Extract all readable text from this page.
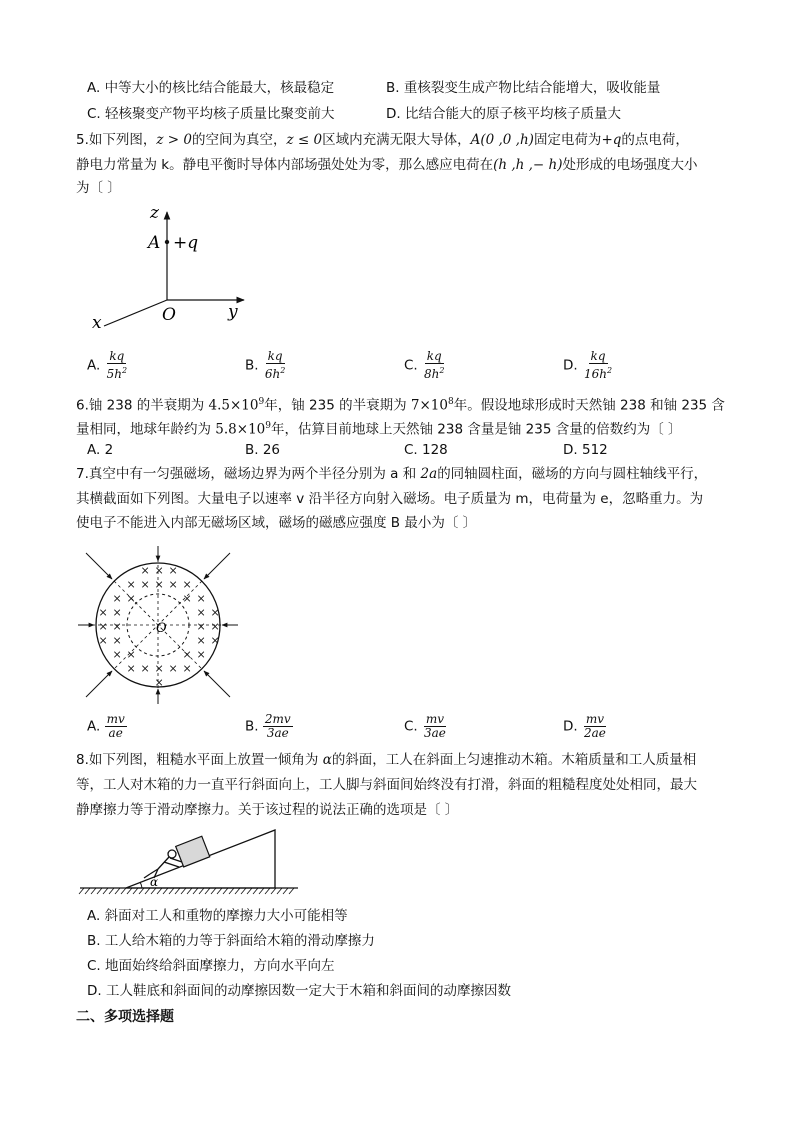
A. 中等大小的核比结合能最大，核最稳定	B. 重核裂变生成产物比结合能增大，吸收能量
C. 轻核聚变产物平均核子质量比聚变前大	D. 比结合能大的原子核平均核子质量大
5.如下列图，z > 0的空间为真空，z ≤ 0区域内充满无限大导体，A(0 ,0 ,h)固定电荷为+q的点电荷，
静电力常量为 k。静电平衡时导体内部场强处处为零，那么感应电荷在(h ,h ,− h)处形成的电场强度大小
为〔 〕
z
A +q
O	y
x
A. $\frac{kq}{5h^2}$	B. $\frac{kq}{6h^2}$	C. $\frac{kq}{8h^2}$	D. $\frac{kq}{16h^2}$
6.铀 238 的半衰期为 $4.5\times 10^9$年，铀 235 的半衰期为 $7\times 10^8$年。假设地球形成时天然铀 238 和铀 235 含
量相同，地球年龄约为 $5.8\times 10^9$年，估算目前地球上天然铀 238 含量是铀 235 含量的倍数约为〔 〕
A. 2	B. 26	C. 128	D. 512
7.真空中有一匀强磁场，磁场边界为两个半径分别为 a 和 2a的同轴圆柱面，磁场的方向与圆柱轴线平行，
其横截面如下列图。大量电子以速率 v 沿半径方向射入磁场。电子质量为 m，电荷量为 e，忽略重力。为
使电子不能进入内部无磁场区域，磁场的磁感应强度 B 最小为〔 〕
×
×
×
×
×
×
×
×
×
×
×
×
×
×
×
×
×
×
×
×
×
×
×
×
×
×
×
×
×
×
×
×
×
×
O
A. $\frac{mv}{ae}$	B. $\frac{2mv}{3ae}$	C. $\frac{mv}{3ae}$	D. $\frac{mv}{2ae}$
8.如下列图，粗糙水平面上放置一倾角为 α的斜面，工人在斜面上匀速推动木箱。木箱质量和工人质量相
等，工人对木箱的力一直平行斜面向上，工人脚与斜面间始终没有打滑，斜面的粗糙程度处处相同，最大
静摩擦力等于滑动摩擦力。关于该过程的说法正确的选项是〔 〕
α
A. 斜面对工人和重物的摩擦力大小可能相等
B. 工人给木箱的力等于斜面给木箱的滑动摩擦力
C. 地面始终给斜面摩擦力，方向水平向左
D. 工人鞋底和斜面间的动摩擦因数一定大于木箱和斜面间的动摩擦因数
二、多项选择题
